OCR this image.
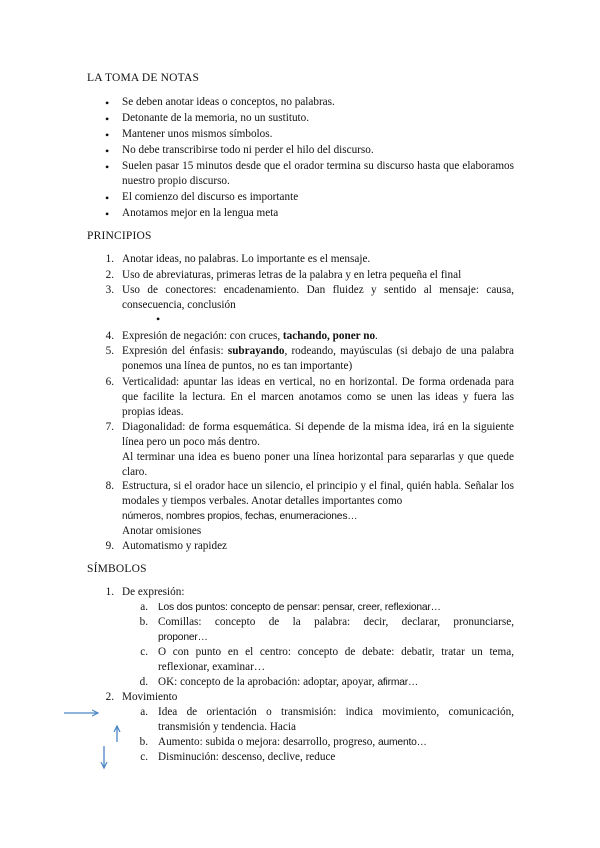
LA TOMA DE NOTAS
• Se deben anotar ideas o conceptos, no palabras.
• Detonante de la memoria, no un sustituto.
• Mantener unos mismos símbolos.
• No debe transcribirse todo ni perder el hilo del discurso.
• Suelen pasar 15 minutos desde que el orador termina su discurso hasta que elaboramos nuestro propio discurso.
• El comienzo del discurso es importante
• Anotamos mejor en la lengua meta
PRINCIPIOS
1. Anotar ideas, no palabras. Lo importante es el mensaje.
2. Uso de abreviaturas, primeras letras de la palabra y en letra pequeña el final
3. Uso de conectores: encadenamiento. Dan fluidez y sentido al mensaje: causa, consecuencia, conclusión
•
4. Expresión de negación: con cruces, tachando, poner no.
5. Expresión del énfasis: subrayando, rodeando, mayúsculas (si debajo de una palabra ponemos una línea de puntos, no es tan importante)
6. Verticalidad: apuntar las ideas en vertical, no en horizontal. De forma ordenada para que facilite la lectura. En el marcen anotamos como se unen las ideas y fuera las propias ideas.
7. Diagonalidad: de forma esquemática. Si depende de la misma idea, irá en la siguiente línea pero un poco más dentro.
Al terminar una idea es bueno poner una línea horizontal para separarlas y que quede claro.
8. Estructura, si el orador hace un silencio, el principio y el final, quién habla. Señalar los modales y tiempos verbales. Anotar detalles importantes como
números, nombres propios, fechas, enumeraciones…
Anotar omisiones
9. Automatismo y rapidez
SÍMBOLOS
1. De expresión:
a. Los dos puntos: concepto de pensar: pensar, creer, reflexionar…
b. Comillas: concepto de la palabra: decir, declarar, pronunciarse,
proponer…
c. O con punto en el centro: concepto de debate: debatir, tratar un tema, reflexionar, examinar…
d. OK: concepto de la aprobación: adoptar, apoyar, afirmar…
2. Movimiento
a. Idea de orientación o transmisión: indica movimiento, comunicación, transmisión y tendencia. Hacia
b. Aumento: subida o mejora: desarrollo, progreso, aumento…
c. Disminución: descenso, declive, reduce
